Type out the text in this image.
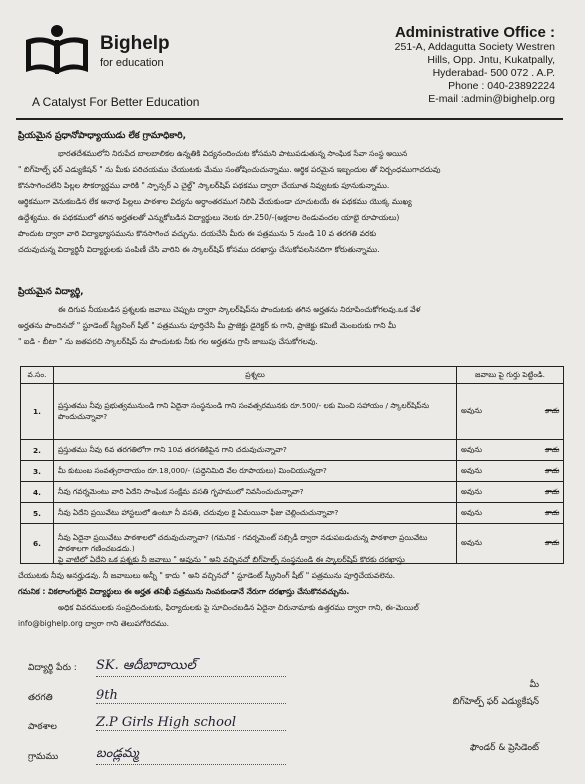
Bighelp
for education
A Catalyst For Better Education
Administrative Office :
251-A, Addagutta Society Westren
Hills, Opp. Jntu, Kukatpally,
Hyderabad- 500 072 . A.P.
Phone : 040-23892224
E-mail :admin@bighelp.org
ప్రియమైన ప్రధానోపాధ్యాయుడు లేక గ్రామాధికారి,
భారతదేశములోని నిరుపేద బాలబాలికల ఉన్నతికి విద్యనందించుట కోసమని పాటుపడుతున్న సాంఘిక సేవా సంస్థ అయిన
" బిగ్‌హెల్ప్ ఫర్ ఎడ్యుకేషన్ " ను మీకు పరిచయము చేయుటకు మేము సంతోషించుచున్నాము. ఆర్థిక పరమైన ఇబ్బందుల తో నిర్బంధముగాచదువు
కొనసాగించలేని పిల్లల సౌకర్యార్థము వారికి " స్పాన్సర్ ఎ చైల్డ్" స్కాలర్‌షిప్ పథకము ద్వారా చేయూత నివ్వుటకు పూనుకున్నాము.
ఆర్థికముగా వెనుకబడిన లేక అనాథ పిల్లలు పాఠశాల విద్యను అర్ధాంతరముగ నిలిపి వేయకుండా చూచుటయే ఈ పథకము యొక్క ముఖ్య
ఉద్దేశ్యము. ఈ పథకములో తగిన అర్హతలతో ఎన్నుకోబడిన విద్యార్థులు నెలకు రూ.250/-(అక్షరాల రెండువందల యాభై రూపాయలు)
పొందుట ద్వారా వారి విద్యాభ్యాసమును కొనసాగించ వచ్చును. దయచేసి మీరు ఈ పత్రమును 5 నుండి 10 వ తరగతి వరకు
చదువుచున్న విద్యార్థినీ విద్యార్థులకు పంపిణీ చేసి వారిని ఈ స్కాలర్‌షిప్ కోసము దరఖాస్తు చేసుకోవలసినదిగా కోరుతున్నాము.
ప్రియమైన విద్యార్థి,
ఈ దిగువ నీయబడిన ప్రశ్నలకు జవాబు చెప్పుట ద్వారా స్కాలర్‌షిప్‌ను పొందుటకు తగిన అర్హతను నిరూపించుకోగలవు.ఒక వేళ
అర్హతను పొందినచో " స్టూడెంట్ స్క్రీనింగ్ షీట్ " పత్రమును పూర్తిచేసి మీ ప్రాజెక్టు డైరెక్టర్ కు గాని, ప్రాజెక్టు కమిటీ మెంబరుకు గాని మీ
" ఐడి - బీటా " ను జతపరచి స్కాలర్‌షిప్ ను పొందుటకు నీకు గల అర్హతను గ్రాసి జాబుపు చేసుకోగలవు.
వ.సం.	ప్రశ్నలు	జవాబు పై గుర్తు పెట్టిండి.
1.	ప్రస్తుతము నీవు ప్రభుత్వమునుండి గాని ఏదైనా సంస్థనుండి గాని సంవత్సరమునకు రూ.500/- లకు మించి సహాయం / స్కాలర్‌షిప్‌ను పొందుచున్నావా?	అవును కాదు

2.	ప్రస్తుతము నీవు 6వ తరగతిలోగా గాని 10వ తరగతికిపైన గాని చదువుచున్నావా?	అవును కాదు

3.	మీ కుటుంబ సంవత్సరాదాయం రూ.18,000/- (పద్దెనిమిది వేల రూపాయలు) మించియున్నదా?	అవును కాదు

4.	నీవు గవర్నమెంటు వారి ఏదేని సాంఘిక సంక్షేమ వసతి గృహములో నివసించుచున్నావా?	అవును కాదు

5.	నీవు ఏదేని ప్రయివేటు హాస్టలులో ఉంటూ నీ వసతి, చదువుల కై ఏమయినా ఫీజు చెల్లించుచున్నావా?	అవును కాదు

6.	నీవు ఏదైనా ప్రయివేటు పాఠశాలలో చదువుచున్నావా? (గమనిక - గవర్నమెంట్ సబ్సిడీ ద్వారా నడుపబడుచున్న పాఠశాలా ప్రయివేటు పాఠశాలగా గణించబడదు.)	అవును కాదు
పై వాటిలో ఏదేని ఒక ప్రశ్నకు నీ జవాబు " అవును " అని వచ్చినచో బిగ్‌హెల్ప్ సంస్థనుండి ఈ స్కాలర్‌షిప్ కొరకు దరఖాస్తు
చేయుటకు నీవు అనర్హుడవు. నీ జవాబులు అన్నీ " కాదు " అని వచ్చినచో " స్టూడెంట్ స్క్రీనింగ్ షీట్ " పత్రమును పూర్తిచేయవలెను.
గమనిక : వికలాంగులైన విద్యార్థులు ఈ అర్హత తనిఖీ పత్రమును నింపకుండానే నేరుగా దరఖాస్తు చేసుకొనవచ్చును.
అధిక వివరములకు సంప్రదించుటకు, ఫిర్యాదులకు పై సూచించబడిన ఏదైనా చిరునామాకు ఉత్తరము ద్వారా గాని, ఈ-మెయిల్
info@bighelp.org ద్వారా గాని తెలుపగోరెదము.
విద్యార్థి పేరు : SK. ఆదీబాదాయిల్
తరగతి	9th
పాఠశాల	Z.P Girls High school
గ్రామము	బండ్లమ్మ
మీ
బిగ్‌హెల్ప్ ఫర్ ఎడ్యుకేషన్
ఫౌండర్ & ప్రెసిడెంట్
